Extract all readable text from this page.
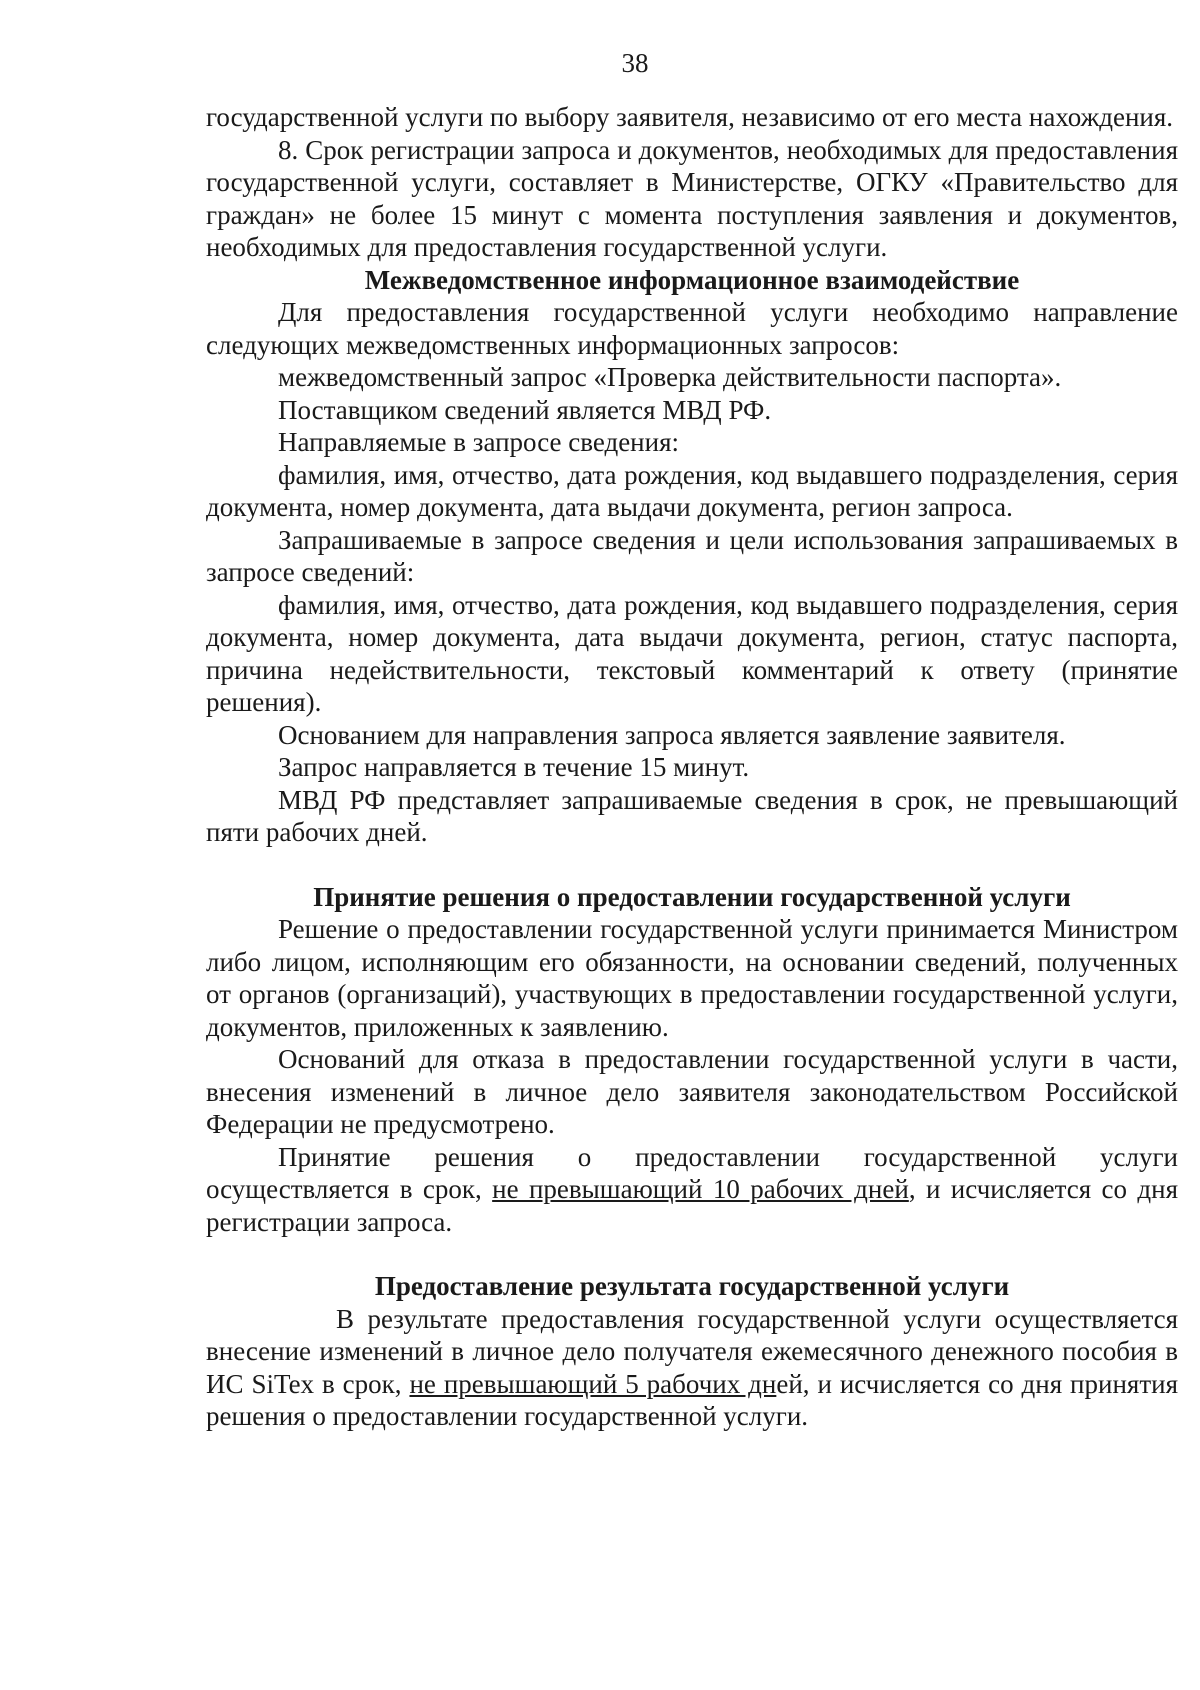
38

государственной услуги по выбору заявителя, независимо от его места нахождения.

8. Срок регистрации запроса и документов, необходимых для предоставления государственной услуги, составляет в Министерстве, ОГКУ «Правительство для граждан» не более 15 минут с момента поступления заявления и документов, необходимых для предоставления государственной услуги.

Межведомственное информационное взаимодействие

Для предоставления государственной услуги необходимо направление следующих межведомственных информационных запросов:

межведомственный запрос «Проверка действительности паспорта».

Поставщиком сведений является МВД РФ.

Направляемые в запросе сведения:

фамилия, имя, отчество, дата рождения, код выдавшего подразделения, серия документа, номер документа, дата выдачи документа, регион запроса.

Запрашиваемые в запросе сведения и цели использования запрашиваемых в запросе сведений:

фамилия, имя, отчество, дата рождения, код выдавшего подразделения, серия документа, номер документа, дата выдачи документа, регион, статус паспорта, причина недействительности, текстовый комментарий к ответу (принятие решения).

Основанием для направления запроса является заявление заявителя.

Запрос направляется в течение 15 минут.

МВД РФ представляет запрашиваемые сведения в срок, не превышающий пяти рабочих дней.

Принятие решения о предоставлении государственной услуги

Решение о предоставлении государственной услуги принимается Министром либо лицом, исполняющим его обязанности, на основании сведений, полученных от органов (организаций), участвующих в предоставлении государственной услуги, документов, приложенных к заявлению.

Оснований для отказа в предоставлении государственной услуги в части, внесения изменений в личное дело заявителя законодательством Российской Федерации не предусмотрено.

Принятие решения о предоставлении государственной услуги осуществляется в срок, не превышающий 10 рабочих дней, и исчисляется со дня регистрации запроса.

Предоставление результата государственной услуги

В результате предоставления государственной услуги осуществляется внесение изменений в личное дело получателя ежемесячного денежного пособия в ИС SiTex в срок, не превышающий 5 рабочих дней, и исчисляется со дня принятия решения о предоставлении государственной услуги.
